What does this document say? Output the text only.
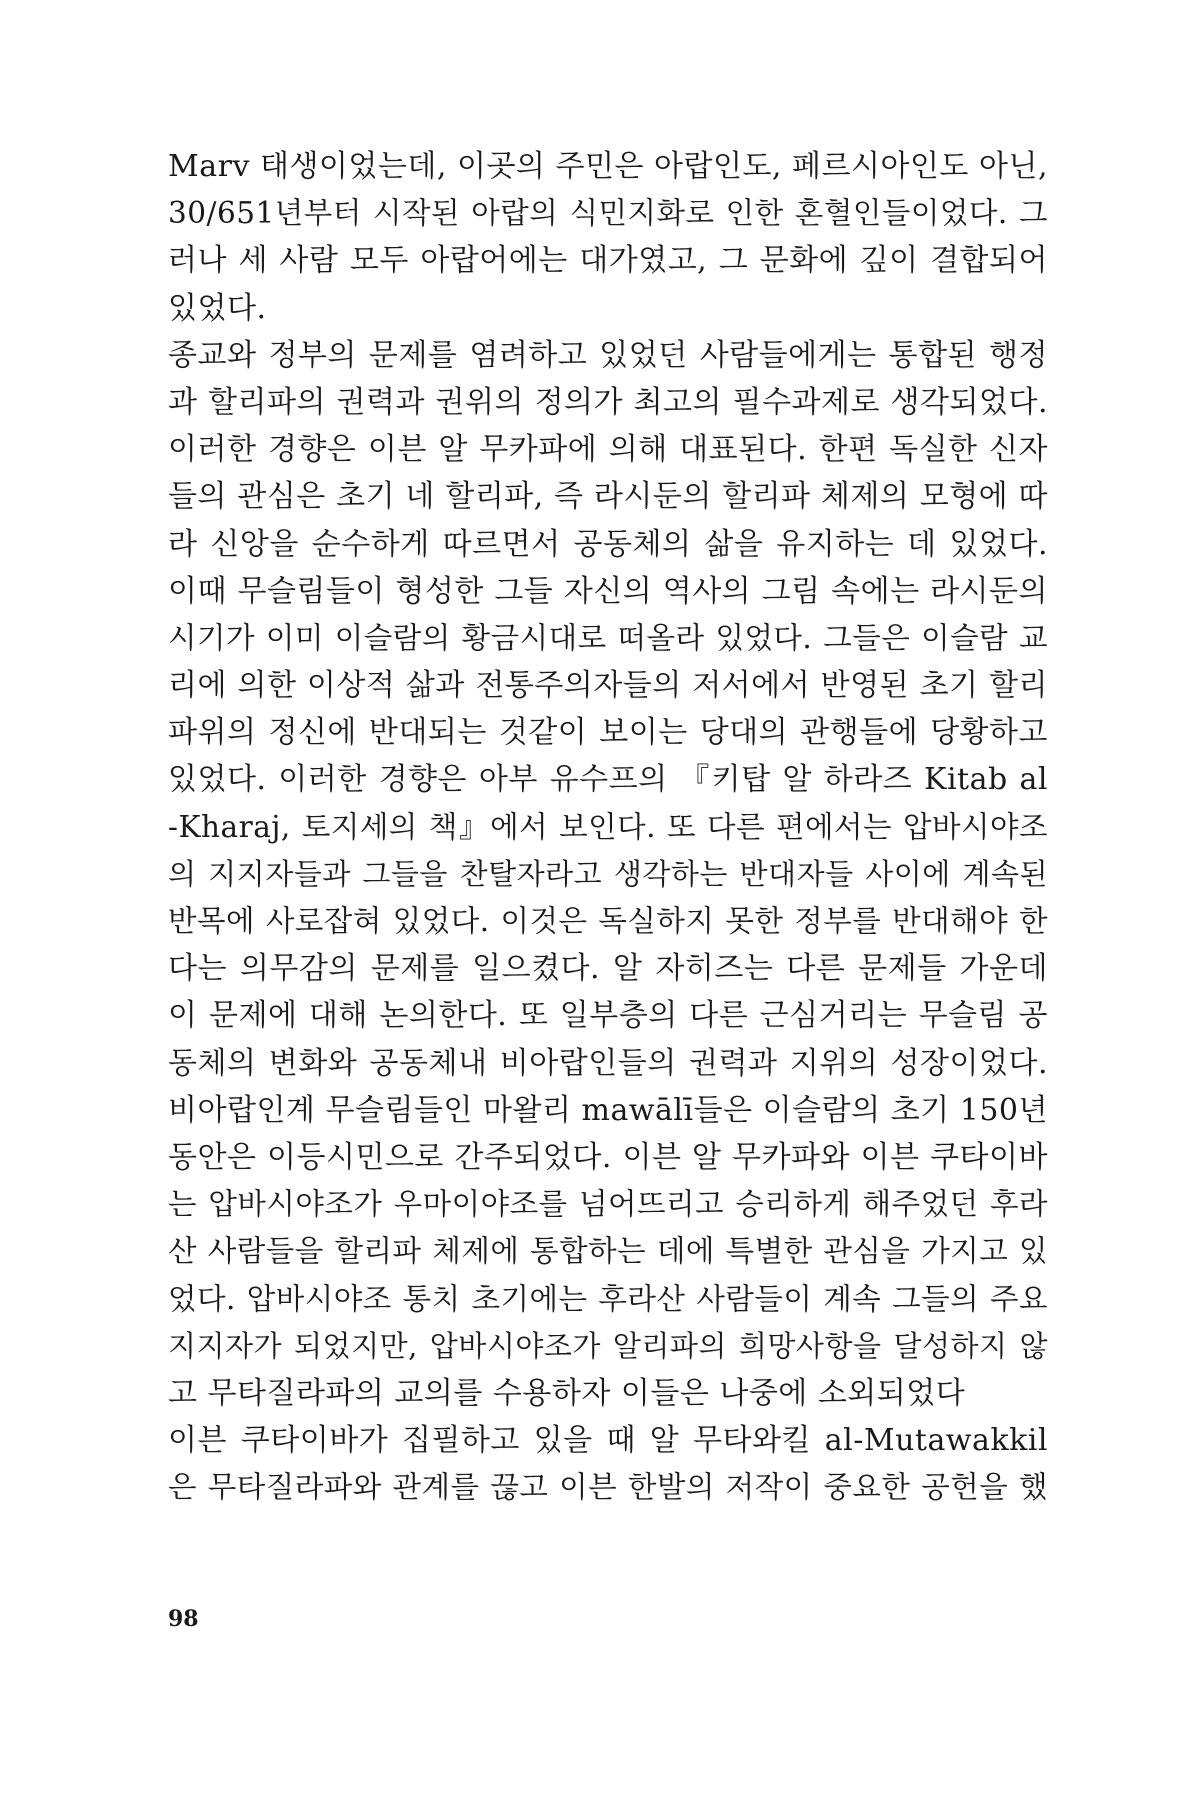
Marv 태생이었는데, 이곳의 주민은 아랍인도, 페르시아인도 아닌,
30/651년부터 시작된 아랍의 식민지화로 인한 혼혈인들이었다. 그
러나 세 사람 모두 아랍어에는 대가였고, 그 문화에 깊이 결합되어
있었다.
종교와 정부의 문제를 염려하고 있었던 사람들에게는 통합된 행정
과 할리파의 권력과 권위의 정의가 최고의 필수과제로 생각되었다.
이러한 경향은 이븐 알 무카파에 의해 대표된다. 한편 독실한 신자
들의 관심은 초기 네 할리파, 즉 라시둔의 할리파 체제의 모형에 따
라 신앙을 순수하게 따르면서 공동체의 삶을 유지하는 데 있었다.
이때 무슬림들이 형성한 그들 자신의 역사의 그림 속에는 라시둔의
시기가 이미 이슬람의 황금시대로 떠올라 있었다. 그들은 이슬람 교
리에 의한 이상적 삶과 전통주의자들의 저서에서 반영된 초기 할리
파위의 정신에 반대되는 것같이 보이는 당대의 관행들에 당황하고
있었다. 이러한 경향은 아부 유수프의 『키탑 알 하라즈 Kitab al
-Kharaj, 토지세의 책』에서 보인다. 또 다른 편에서는 압바시야조
의 지지자들과 그들을 찬탈자라고 생각하는 반대자들 사이에 계속된
반목에 사로잡혀 있었다. 이것은 독실하지 못한 정부를 반대해야 한
다는 의무감의 문제를 일으켰다. 알 자히즈는 다른 문제들 가운데
이 문제에 대해 논의한다. 또 일부층의 다른 근심거리는 무슬림 공
동체의 변화와 공동체내 비아랍인들의 권력과 지위의 성장이었다.
비아랍인계 무슬림들인 마왈리 mawālī들은 이슬람의 초기 150년
동안은 이등시민으로 간주되었다. 이븐 알 무카파와 이븐 쿠타이바
는 압바시야조가 우마이야조를 넘어뜨리고 승리하게 해주었던 후라
산 사람들을 할리파 체제에 통합하는 데에 특별한 관심을 가지고 있
었다. 압바시야조 통치 초기에는 후라산 사람들이 계속 그들의 주요
지지자가 되었지만, 압바시야조가 알리파의 희망사항을 달성하지 않
고 무타질라파의 교의를 수용하자 이들은 나중에 소외되었다
이븐 쿠타이바가 집필하고 있을 때 알 무타와킬 al-Mutawakkil
은 무타질라파와 관계를 끊고 이븐 한발의 저작이 중요한 공헌을 했
98
